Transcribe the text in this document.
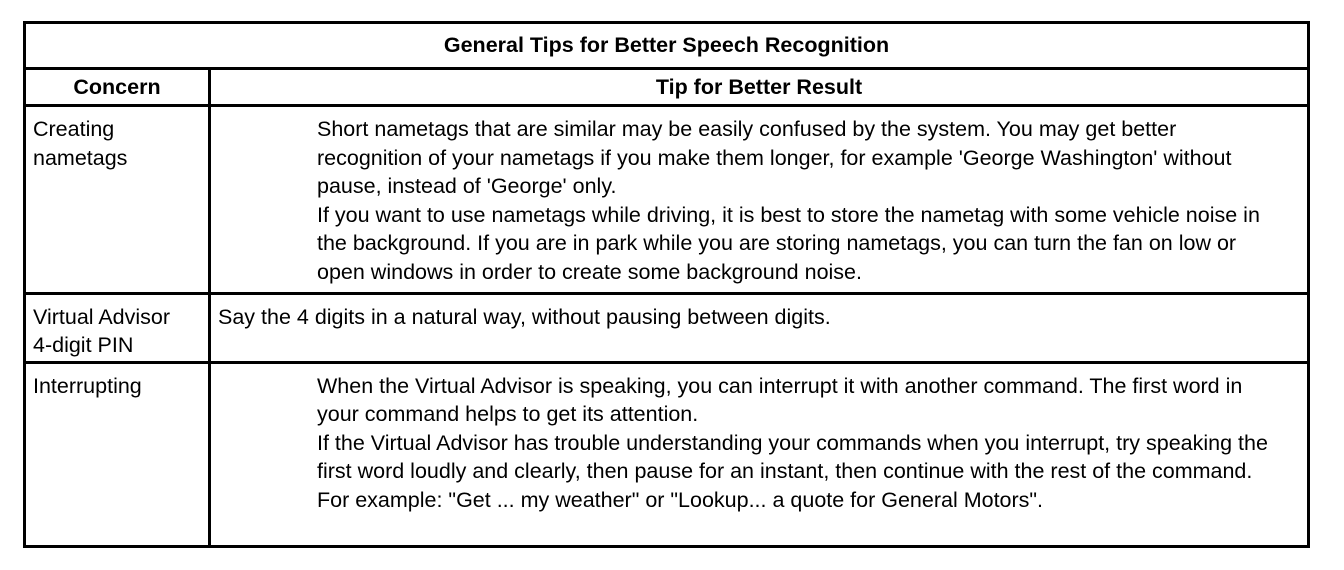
General Tips for Better Speech Recognition	
Concern	Tip for Better Result
Creating
nametags	Short nametags that are similar may be easily confused by the system. You may get better recognition of your nametags if you make them longer, for example 'George Washington' without pause, instead of 'George' only.
If you want to use nametags while driving, it is best to store the nametag with some vehicle noise in the background. If you are in park while you are storing nametags, you can turn the fan on low or open windows in order to create some background noise.

Virtual Advisor
4-digit PIN	Say the 4 digits in a natural way, without pausing between digits.

Interrupting	When the Virtual Advisor is speaking, you can interrupt it with another command. The first word in your command helps to get its attention.
If the Virtual Advisor has trouble understanding your commands when you interrupt, try speaking the first word loudly and clearly, then pause for an instant, then continue with the rest of the command. For example: "Get ... my weather" or "Lookup... a quote for General Motors".
